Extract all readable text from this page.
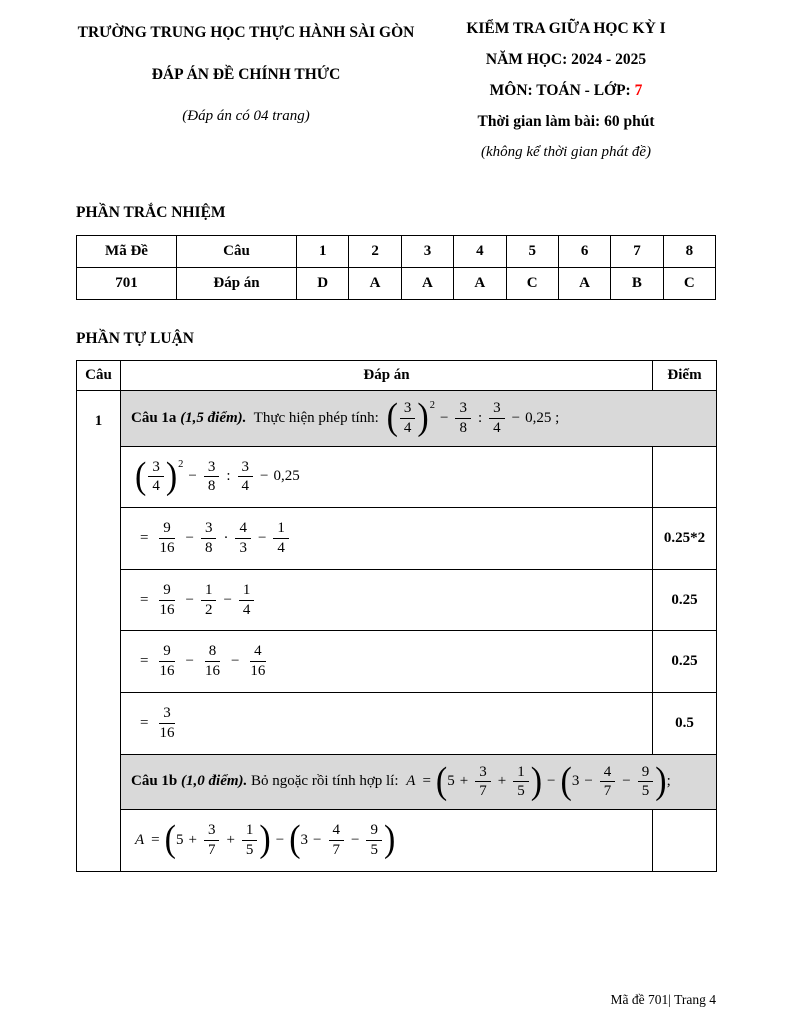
TRƯỜNG TRUNG HỌC THỰC HÀNH SÀI GÒN
ĐÁP ÁN ĐỀ CHÍNH THỨC
(Đáp án có 04 trang)
KIỂM TRA GIỮA HỌC KỲ I
NĂM HỌC: 2024 - 2025
MÔN: TOÁN - LỚP: 7
Thời gian làm bài: 60 phút
(không kể thời gian phát đề)
PHẦN TRẮC NHIỆM
Mã Đề	Câu	1	2	3	4	5	6	7	8
701	Đáp án	D	A	A	A	C	A	B	C
PHẦN TỰ LUẬN
Câu	Đáp án	Điểm
1	Câu 1a (1,5 điểm). Thực hiện phép tính: ( $\frac{3}{4}$ ) 2
− $\frac{3}{8}$ : $\frac{3}{4} - 0,25$ ;

( $\frac{3}{4}$ ) 2
− $\frac{3}{8}$ : $\frac{3}{4} - 0,25$

= $\frac{9}{16} - \frac{3}{8} \cdot \frac{4}{3} - \frac{1}{4}$	0.25*2

= $\frac{9}{16} - \frac{1}{2} - \frac{1}{4}$	0.25

= $\frac{9}{16} - \frac{8}{16} - \frac{4}{16}$	0.25

	= $\frac{3}{16}$	0.5

Câu 1b (1,0 điểm). Bỏ ngoặc rồi tính hợp lí: A = ( $5 + \frac{3}{7} + \frac{1}{5}$ ) − ( $3 - \frac{4}{7} - \frac{9}{5}$ ) ;

A = ( $5 + \frac{3}{7} + \frac{1}{5}$ ) − ( $3 - \frac{4}{7} - \frac{9}{5}$ )

Mã đề 701| Trang 4
